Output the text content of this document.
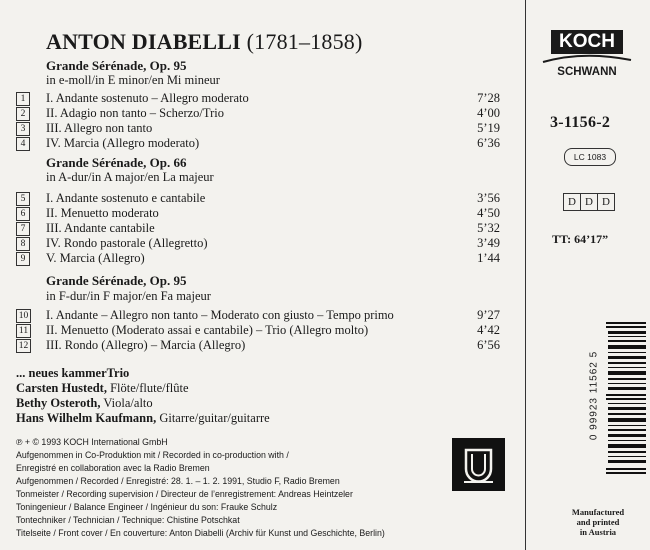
ANTON DIABELLI (1781–1858)
Grande Sérénade, Op. 95
in e-moll/in E minor/en Mi mineur
1	I. Andante sostenuto – Allegro moderato	7’28
2	II. Adagio non tanto – Scherzo/Trio	4’00
3	III. Allegro non tanto	5’19
4	IV. Marcia (Allegro moderato)	6’36
Grande Sérénade, Op. 66
in A-dur/in A major/en La majeur
5	I. Andante sostenuto e cantabile	3’56
6	II. Menuetto moderato	4’50
7	III. Andante cantabile	5’32
8	IV. Rondo pastorale (Allegretto)	3’49
9	V. Marcia (Allegro)	1’44
Grande Sérénade, Op. 95
in F-dur/in F major/en Fa majeur
10 I. Andante – Allegro non tanto – Moderato con giusto – Tempo primo	9’27
11 II. Menuetto (Moderato assai e cantabile) – Trio (Allegro molto)	4’42
12 III. Rondo (Allegro) – Marcia (Allegro)	6’56
... neues kammerTrio
Carsten Hustedt, Flöte/flute/flûte
Bethy Osteroth, Viola/alto
Hans Wilhelm Kaufmann, Gitarre/guitar/guitarre
℗ + © 1993 KOCH International GmbH
Aufgenommen in Co-Produktion mit / Recorded in co-production with /
Enregistré en collaboration avec la Radio Bremen
Aufgenommen / Recorded / Enregistré: 28. 1. – 1. 2. 1991, Studio F, Radio Bremen
Tonmeister / Recording supervision / Directeur de l’enregistrement: Andreas Heintzeler
Toningenieur / Balance Engineer / Ingénieur du son: Frauke Schulz
Tontechniker / Technician / Technique: Chistine Potschkat
Titelseite / Front cover / En couverture: Anton Diabelli (Archiv für Kunst und Geschichte, Berlin)
KOCH
SCHWANN
3-1156-2
LC 1083
D D D
TT: 64’17”
0 99923 11562 5
Manufactured
and printed
in Austria
